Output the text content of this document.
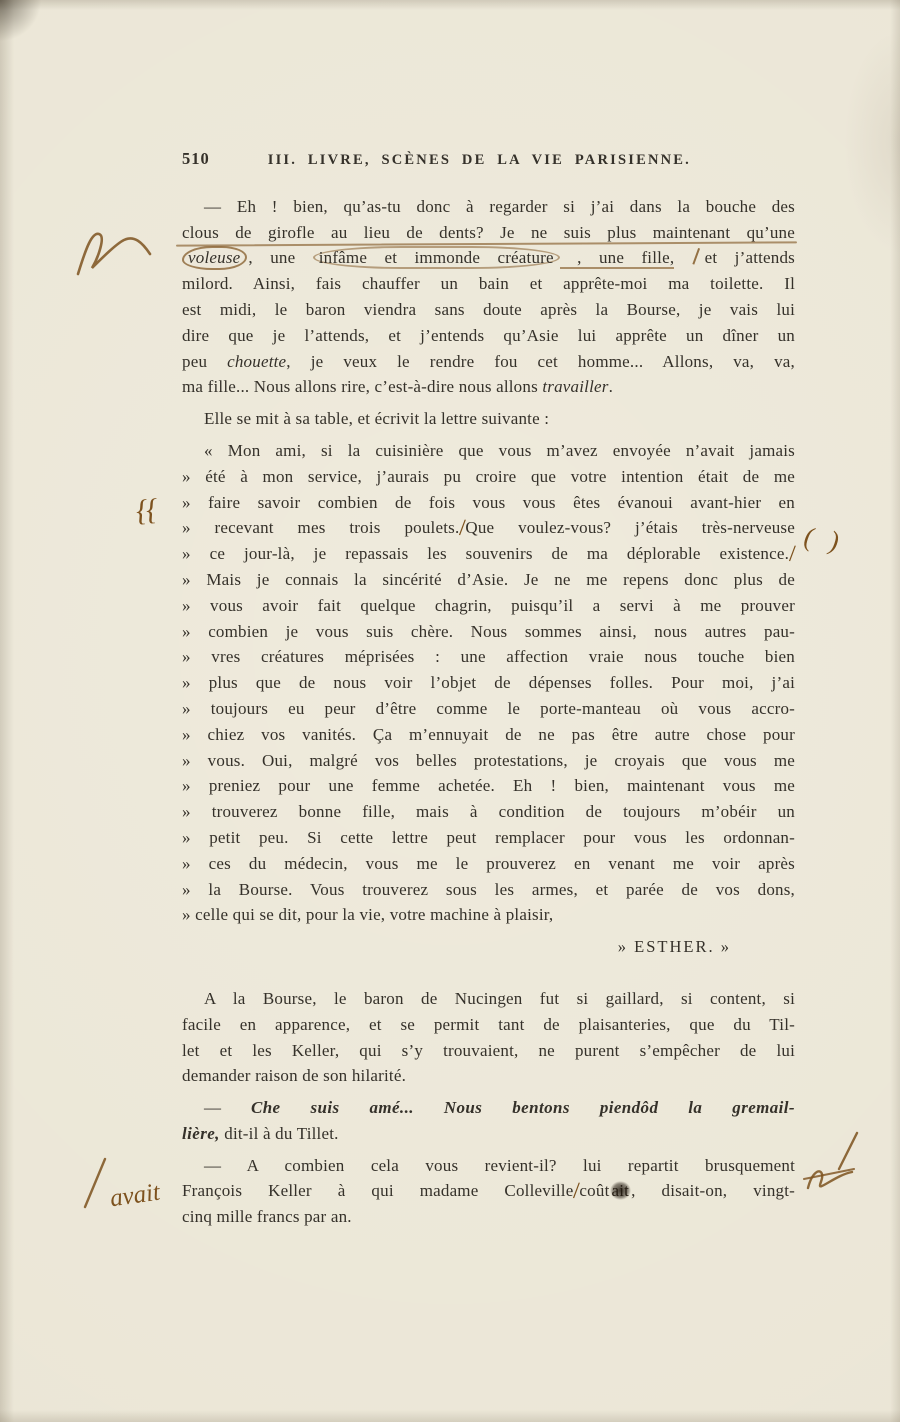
510	III. LIVRE, SCÈNES DE LA VIE PARISIENNE.
— Eh ! bien, qu’as-tu donc à regarder si j’ai dans la bouche des
clous de girofle au lieu de dents? Je ne suis plus maintenant qu’une
voleuse , une infâme et immonde créature , une fille, et j’attends
milord. Ainsi, fais chauffer un bain et apprête-moi ma toilette. Il
est midi, le baron viendra sans doute après la Bourse, je vais lui
dire que je l’attends, et j’entends qu’Asie lui apprête un dîner un
peu chouette, je veux le rendre fou cet homme... Allons, va, va,
ma fille... Nous allons rire, c’est-à-dire nous allons travailler.
Elle se mit à sa table, et écrivit la lettre suivante :
« Mon ami, si la cuisinière que vous m’avez envoyée n’avait jamais
» été à mon service, j’aurais pu croire que votre intention était de me
» faire savoir combien de fois vous vous êtes évanoui avant-hier en
» recevant mes trois poulets./Que voulez-vous? j’étais très-nerveuse
» ce jour-là, je repassais les souvenirs de ma déplorable existence./
» Mais je connais la sincérité d’Asie. Je ne me repens donc plus de
» vous avoir fait quelque chagrin, puisqu’il a servi à me prouver
» combien je vous suis chère. Nous sommes ainsi, nous autres pau-
» vres créatures méprisées : une affection vraie nous touche bien
» plus que de nous voir l’objet de dépenses folles. Pour moi, j’ai
» toujours eu peur d’être comme le porte-manteau où vous accro-
» chiez vos vanités. Ça m’ennuyait de ne pas être autre chose pour
» vous. Oui, malgré vos belles protestations, je croyais que vous me
» preniez pour une femme achetée. Eh ! bien, maintenant vous me
» trouverez bonne fille, mais à condition de toujours m’obéir un
» petit peu. Si cette lettre peut remplacer pour vous les ordonnan-
» ces du médecin, vous me le prouverez en venant me voir après
» la Bourse. Vous trouverez sous les armes, et parée de vos dons,
» celle qui se dit, pour la vie, votre machine à plaisir,
» ESTHER. »
A la Bourse, le baron de Nucingen fut si gaillard, si content, si
facile en apparence, et se permit tant de plaisanteries, que du Til-
let et les Keller, qui s’y trouvaient, ne purent s’empêcher de lui
demander raison de son hilarité.
— Che suis amé... Nous bentons piendôd la gremail-
lière, dit-il à du Tillet.
— A combien cela vous revient-il? lui repartit brusquement
François Keller à qui madame Colleville/coût ait , disait-on, vingt-
cinq mille francs par an.
{{
( )
avait
